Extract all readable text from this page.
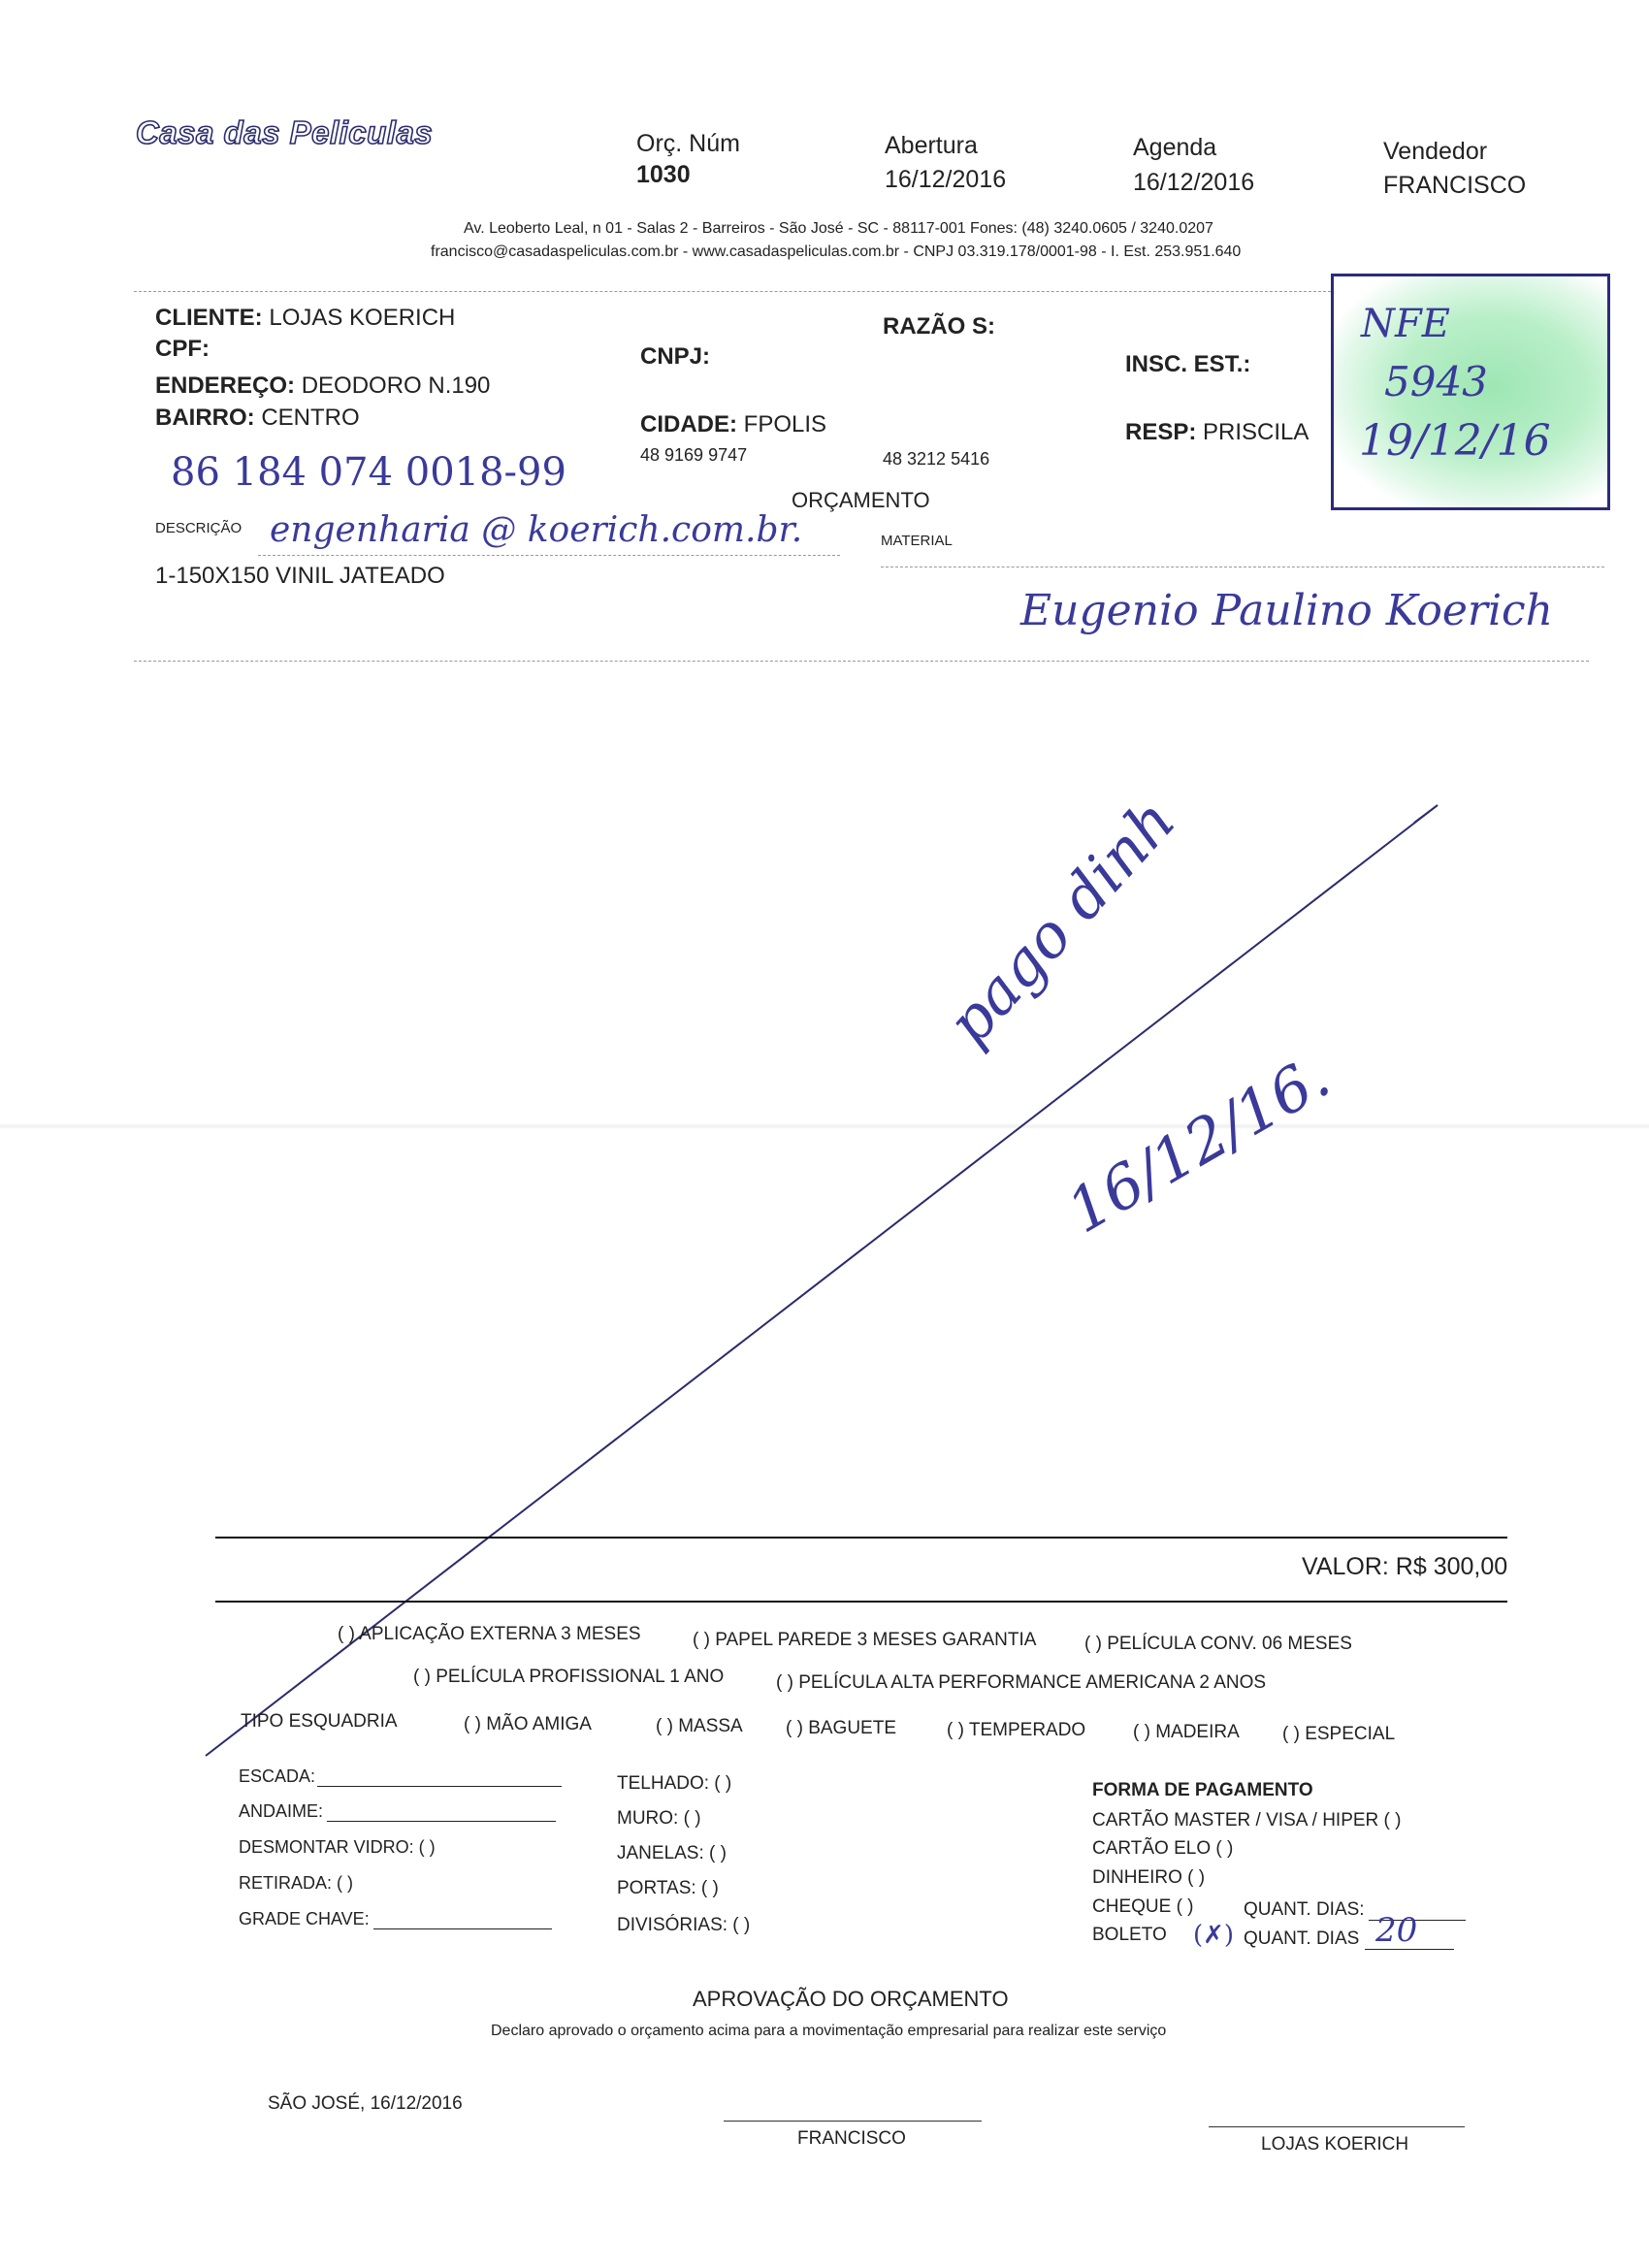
Casa das Peliculas	Orç. Núm
1030
Abertura
16/12/2016
Agenda
16/12/2016
Vendedor
FRANCISCO
Av. Leoberto Leal, n 01 - Salas 2 - Barreiros - São José - SC - 88117-001 Fones: (48) 3240.0605 / 3240.0207
francisco@casadaspeliculas.com.br - www.casadaspeliculas.com.br - CNPJ 03.319.178/0001-98 - I. Est. 253.951.640
CLIENTE: LOJAS KOERICH
CPF:
ENDEREÇO: DEODORO N.190
BAIRRO: CENTRO
CNPJ:
CIDADE: FPOLIS
48 9169 9747
RAZÃO S:
48 3212 5416
INSC. EST.:
RESP: PRISCILA
86 184 074 0018-99
NFE
5943
19/12/16
ORÇAMENTO
DESCRIÇÃO engenharia @ koerich.com.br.	MATERIAL
1-150X150 VINIL JATEADO
Eugenio Paulino Koerich
pago dinh
16/12/16.
VALOR: R$ 300,00
( ) APLICAÇÃO EXTERNA 3 MESES	( ) PAPEL PAREDE 3 MESES GARANTIA	( ) PELÍCULA CONV. 06 MESES
( ) PELÍCULA PROFISSIONAL 1 ANO	( ) PELÍCULA ALTA PERFORMANCE AMERICANA 2 ANOS
TIPO ESQUADRIA	( ) MÃO AMIGA	( ) MASSA ( ) BAGUETE	( ) TEMPERADO	( ) MADEIRA ( ) ESPECIAL
ESCADA:
ANDAIME:
DESMONTAR VIDRO: ( )
RETIRADA: ( )
GRADE CHAVE:
TELHADO: ( )
MURO: ( )
JANELAS: ( )
PORTAS: ( )
DIVISÓRIAS: ( )
FORMA DE PAGAMENTO
CARTÃO MASTER / VISA / HIPER ( )
CARTÃO ELO ( )
DINHEIRO ( )
CHEQUE ( )	QUANT. DIAS:
BOLETO (✗) QUANT. DIAS 20
APROVAÇÃO DO ORÇAMENTO
Declaro aprovado o orçamento acima para a movimentação empresarial para realizar este serviço
SÃO JOSÉ, 16/12/2016
FRANCISCO	LOJAS KOERICH
